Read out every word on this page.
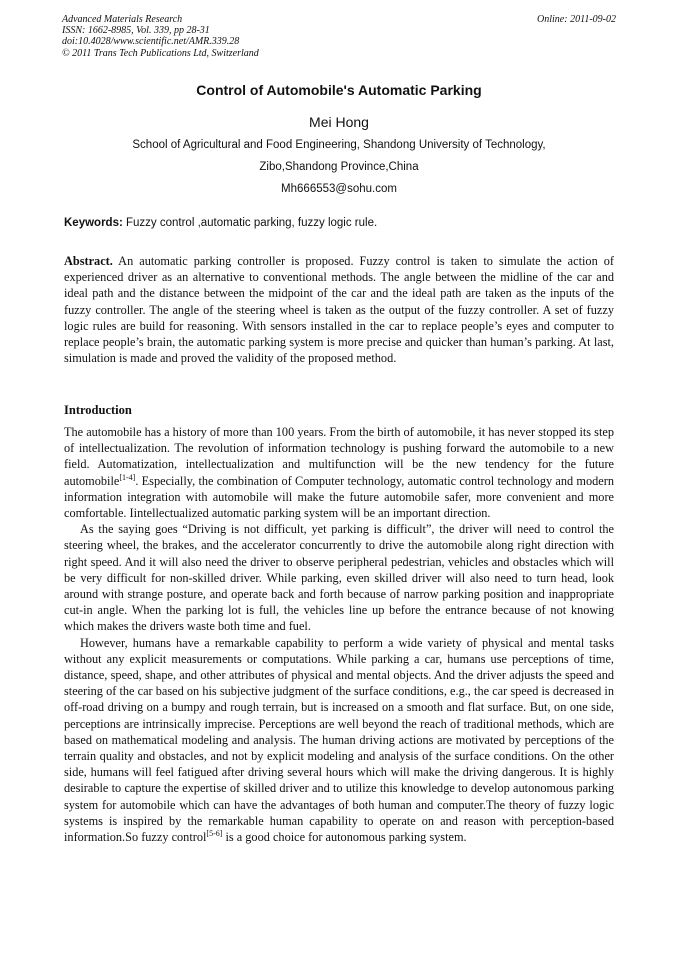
Advanced Materials Research
ISSN: 1662-8985, Vol. 339, pp 28-31
doi:10.4028/www.scientific.net/AMR.339.28
© 2011 Trans Tech Publications Ltd, Switzerland
Online: 2011-09-02
Control of Automobile's Automatic Parking
Mei Hong
School of Agricultural and Food Engineering, Shandong University of Technology,
Zibo,Shandong Province,China
Mh666553@sohu.com
Keywords: Fuzzy control ,automatic parking, fuzzy logic rule.

Abstract. An automatic parking controller is proposed. Fuzzy control is taken to simulate the action of experienced driver as an alternative to conventional methods. The angle between the midline of the car and ideal path and the distance between the midpoint of the car and the ideal path are taken as the inputs of the fuzzy controller. The angle of the steering wheel is taken as the output of the fuzzy controller. A set of fuzzy logic rules are build for reasoning. With sensors installed in the car to replace people’s eyes and computer to replace people’s brain, the automatic parking system is more precise and quicker than human’s parking. At last, simulation is made and proved the validity of the proposed method.

Introduction

The automobile has a history of more than 100 years. From the birth of automobile, it has never stopped its step of intellectualization. The revolution of information technology is pushing forward the automobile to a new field. Automatization, intellectualization and multifunction will be the new tendency for the future automobile[1-4]. Especially, the combination of Computer technology, automatic control technology and modern information integration with automobile will make the future automobile safer, more convenient and more comfortable. Iintellectualized automatic parking system will be an important direction.

As the saying goes “Driving is not difficult, yet parking is difficult”, the driver will need to control the steering wheel, the brakes, and the accelerator concurrently to drive the automobile along right direction with right speed. And it will also need the driver to observe peripheral pedestrian, vehicles and obstacles which will be very difficult for non-skilled driver. While parking, even skilled driver will also need to turn head, look around with strange posture, and operate back and forth because of narrow parking position and inappropriate cut-in angle. When the parking lot is full, the vehicles line up before the entrance because of not knowing which makes the drivers waste both time and fuel.

However, humans have a remarkable capability to perform a wide variety of physical and mental tasks without any explicit measurements or computations. While parking a car, humans use perceptions of time, distance, speed, shape, and other attributes of physical and mental objects. And the driver adjusts the speed and steering of the car based on his subjective judgment of the surface conditions, e.g., the car speed is decreased in off-road driving on a bumpy and rough terrain, but is increased on a smooth and flat surface. But, on one side, perceptions are intrinsically imprecise. Perceptions are well beyond the reach of traditional methods, which are based on mathematical modeling and analysis. The human driving actions are motivated by perceptions of the terrain quality and obstacles, and not by explicit modeling and analysis of the surface conditions. On the other side, humans will feel fatigued after driving several hours which will make the driving dangerous. It is highly desirable to capture the expertise of skilled driver and to utilize this knowledge to develop autonomous parking system for automobile which can have the advantages of both human and computer.The theory of fuzzy logic systems is inspired by the remarkable human capability to operate on and reason with perception-based information.So fuzzy control[5-6] is a good choice for autonomous parking system.
